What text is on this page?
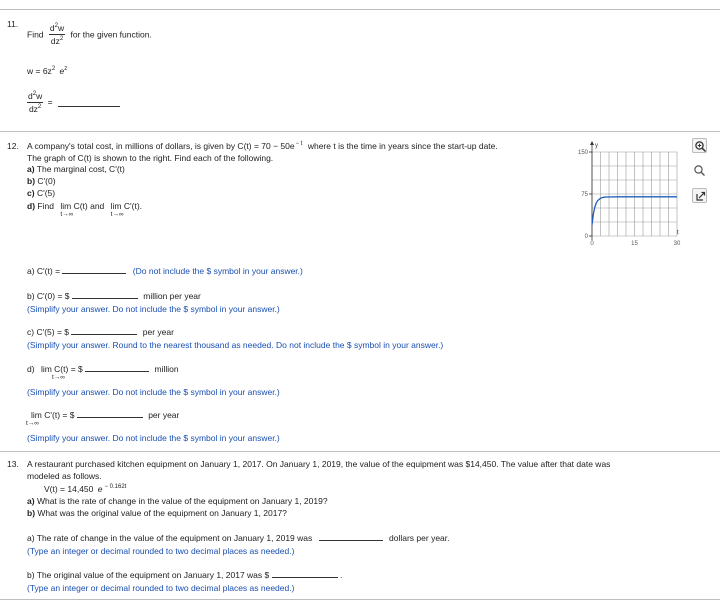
11.
Find $\frac{d^2w}{dz^2}$ for the given function.
$w = 6z^2$ $e^z$
$\frac{d^2w}{dz^2}$ =
12. A company's total cost, in millions of dollars, is given by $C(t) = 70 - 50e^{- t}$ where t is the time in years since the start-up date.
The graph of C(t) is shown to the right. Find each of the following.
a) The marginal cost, C'(t)
b) C'(0)
c) C'(5)
d) Find lim
t→∞
C(t) and lim
t→∞
C'(t).
y
t
150
75
0
0	15	30
a) C'(t) =	(Do not include the $ symbol in your answer.)
b) C'(0) = $	million per year
(Simplify your answer. Do not include the $ symbol in your answer.)
c) C'(5) = $	per year
(Simplify your answer. Round to the nearest thousand as needed. Do not include the $ symbol in your answer.)
d) lim
t→∞
C(t) = $	million
(Simplify your answer. Do not include the $ symbol in your answer.)
lim
t→∞
C'(t) = $	per year
(Simplify your answer. Do not include the $ symbol in your answer.)
13. A restaurant purchased kitchen equipment on January 1, 2017. On January 1, 2019, the value of the equipment was $14,450. The value after that date was
modeled as follows.
V(t) = 14,450 e $^{- 0.162t}$
a) What is the rate of change in the value of the equipment on January 1, 2019?
b) What was the original value of the equipment on January 1, 2017?
a) The rate of change in the value of the equipment on January 1, 2019 was	dollars per year.
(Type an integer or decimal rounded to two decimal places as needed.)
b) The original value of the equipment on January 1, 2017 was $	.
(Type an integer or decimal rounded to two decimal places as needed.)
